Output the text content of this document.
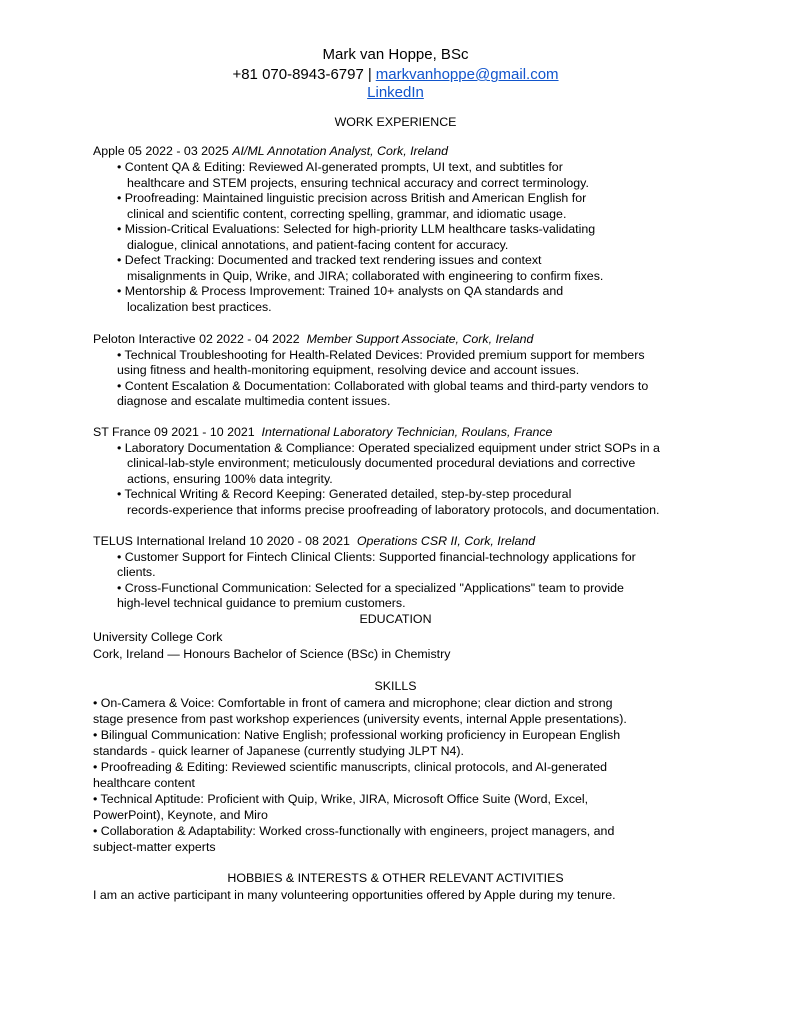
Mark van Hoppe, BSc
+81 070-8943-6797 | markvanhoppe@gmail.com
LinkedIn
WORK EXPERIENCE
Apple 05 2022 - 03 2025 AI/ML Annotation Analyst, Cork, Ireland
• Content QA & Editing: Reviewed AI-generated prompts, UI text, and subtitles for
healthcare and STEM projects, ensuring technical accuracy and correct terminology.
• Proofreading: Maintained linguistic precision across British and American English for
clinical and scientific content, correcting spelling, grammar, and idiomatic usage.
• Mission-Critical Evaluations: Selected for high-priority LLM healthcare tasks-validating
dialogue, clinical annotations, and patient-facing content for accuracy.
• Defect Tracking: Documented and tracked text rendering issues and context
misalignments in Quip, Wrike, and JIRA; collaborated with engineering to confirm fixes.
• Mentorship & Process Improvement: Trained 10+ analysts on QA standards and
localization best practices.
Peloton Interactive 02 2022 - 04 2022 Member Support Associate, Cork, Ireland
• Technical Troubleshooting for Health-Related Devices: Provided premium support for members
using fitness and health-monitoring equipment, resolving device and account issues.
• Content Escalation & Documentation: Collaborated with global teams and third-party vendors to
diagnose and escalate multimedia content issues.
ST France 09 2021 - 10 2021 International Laboratory Technician, Roulans, France
• Laboratory Documentation & Compliance: Operated specialized equipment under strict SOPs in a
clinical-lab-style environment; meticulously documented procedural deviations and corrective
actions, ensuring 100% data integrity.
• Technical Writing & Record Keeping: Generated detailed, step-by-step procedural
records-experience that informs precise proofreading of laboratory protocols, and documentation.
TELUS International Ireland 10 2020 - 08 2021 Operations CSR II, Cork, Ireland
• Customer Support for Fintech Clinical Clients: Supported financial-technology applications for
clients.
• Cross-Functional Communication: Selected for a specialized "Applications" team to provide
high-level technical guidance to premium customers.
EDUCATION
University College Cork
Cork, Ireland — Honours Bachelor of Science (BSc) in Chemistry
SKILLS
• On-Camera & Voice: Comfortable in front of camera and microphone; clear diction and strong
stage presence from past workshop experiences (university events, internal Apple presentations).
• Bilingual Communication: Native English; professional working proficiency in European English
standards - quick learner of Japanese (currently studying JLPT N4).
• Proofreading & Editing: Reviewed scientific manuscripts, clinical protocols, and AI-generated
healthcare content
• Technical Aptitude: Proficient with Quip, Wrike, JIRA, Microsoft Office Suite (Word, Excel,
PowerPoint), Keynote, and Miro
• Collaboration & Adaptability: Worked cross-functionally with engineers, project managers, and
subject-matter experts
HOBBIES & INTERESTS & OTHER RELEVANT ACTIVITIES
I am an active participant in many volunteering opportunities offered by Apple during my tenure.
